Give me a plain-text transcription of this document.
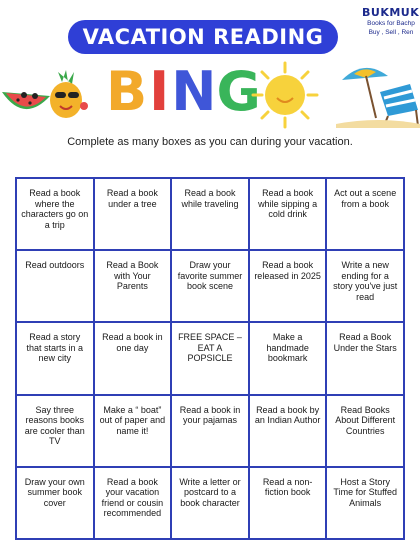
VACATION READING
BUKMUK
Books for Bachp
Buy , Sell , Ren
B I N G
Complete as many boxes as you can during your vacation.
Read a book where the characters go on a trip
Read a book under a tree
Read a book while traveling
Read a book while sipping a cold drink
Act out a scene from a book
Read outdoors	Read a Book with Your Parents
Draw your favorite summer book scene
Read a book released in 2025
Write a new ending for a story you've just read
Read a story that starts in a new city
Read a book in one day
FREE SPACE – EAT A POPSICLE
Make a handmade bookmark
Read a Book Under the Stars
Say three reasons books are cooler than TV
Make a “ boat” out of paper and name it!
Read a book in your pajamas
Read a book by an Indian Author
Read Books About Different Countries
Draw your own summer book cover
Read a book your vacation friend or cousin recommended
Write a letter or postcard to a book character
Read a non-fiction book
Host a Story Time for Stuffed Animals
